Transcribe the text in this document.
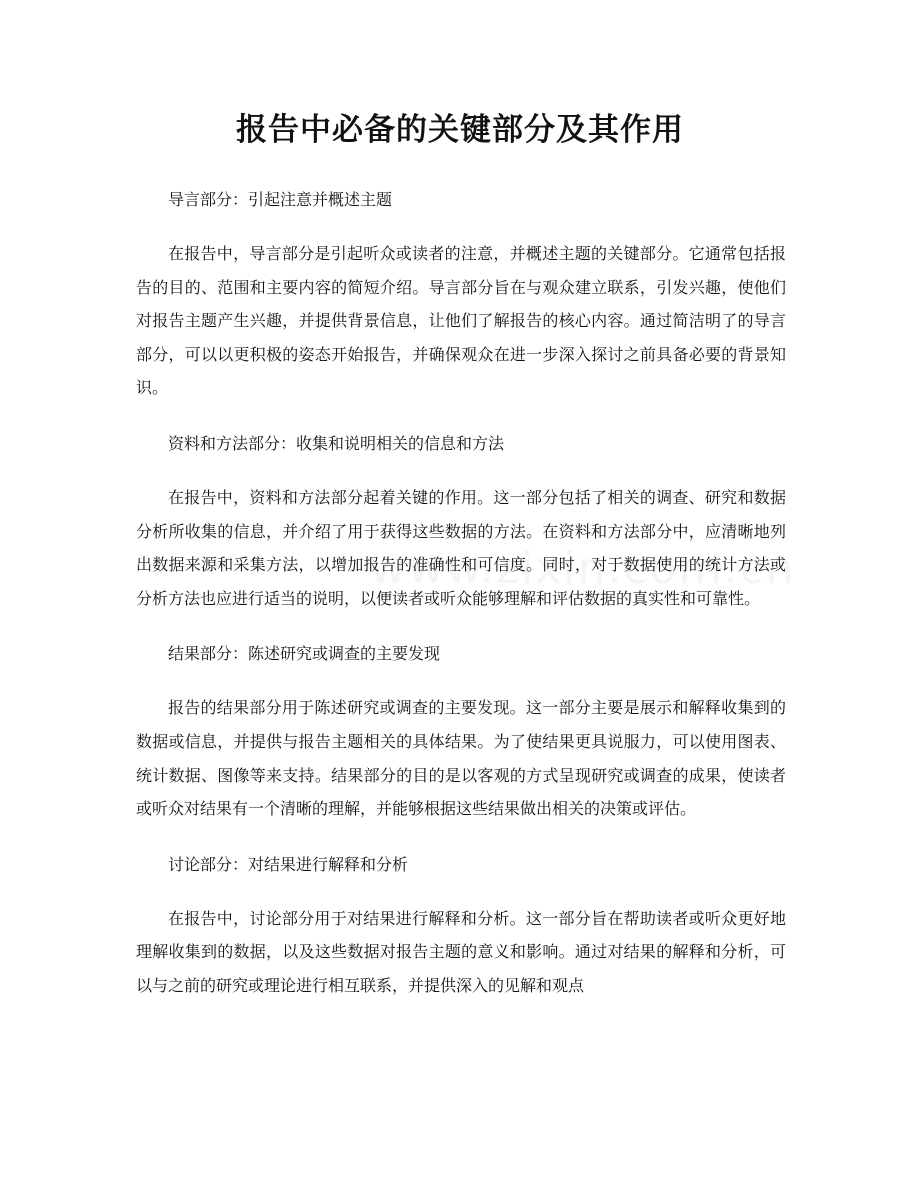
报告中必备的关键部分及其作用

导言部分：引起注意并概述主题

在报告中，导言部分是引起听众或读者的注意，并概述主题的关键部分。它通常包括报告的目的、范围和主要内容的简短介绍。导言部分旨在与观众建立联系，引发兴趣，使他们对报告主题产生兴趣，并提供背景信息，让他们了解报告的核心内容。通过简洁明了的导言部分，可以以更积极的姿态开始报告，并确保观众在进一步深入探讨之前具备必要的背景知识。

资料和方法部分：收集和说明相关的信息和方法

在报告中，资料和方法部分起着关键的作用。这一部分包括了相关的调查、研究和数据分析所收集的信息，并介绍了用于获得这些数据的方法。在资料和方法部分中，应清晰地列出数据来源和采集方法，以增加报告的准确性和可信度。同时，对于数据使用的统计方法或分析方法也应进行适当的说明，以便读者或听众能够理解和评估数据的真实性和可靠性。

结果部分：陈述研究或调查的主要发现

报告的结果部分用于陈述研究或调查的主要发现。这一部分主要是展示和解释收集到的数据或信息，并提供与报告主题相关的具体结果。为了使结果更具说服力，可以使用图表、统计数据、图像等来支持。结果部分的目的是以客观的方式呈现研究或调查的成果，使读者或听众对结果有一个清晰的理解，并能够根据这些结果做出相关的决策或评估。

讨论部分：对结果进行解释和分析

在报告中，讨论部分用于对结果进行解释和分析。这一部分旨在帮助读者或听众更好地理解收集到的数据，以及这些数据对报告主题的意义和影响。通过对结果的解释和分析，可以与之前的研究或理论进行相互联系，并提供深入的见解和观点
